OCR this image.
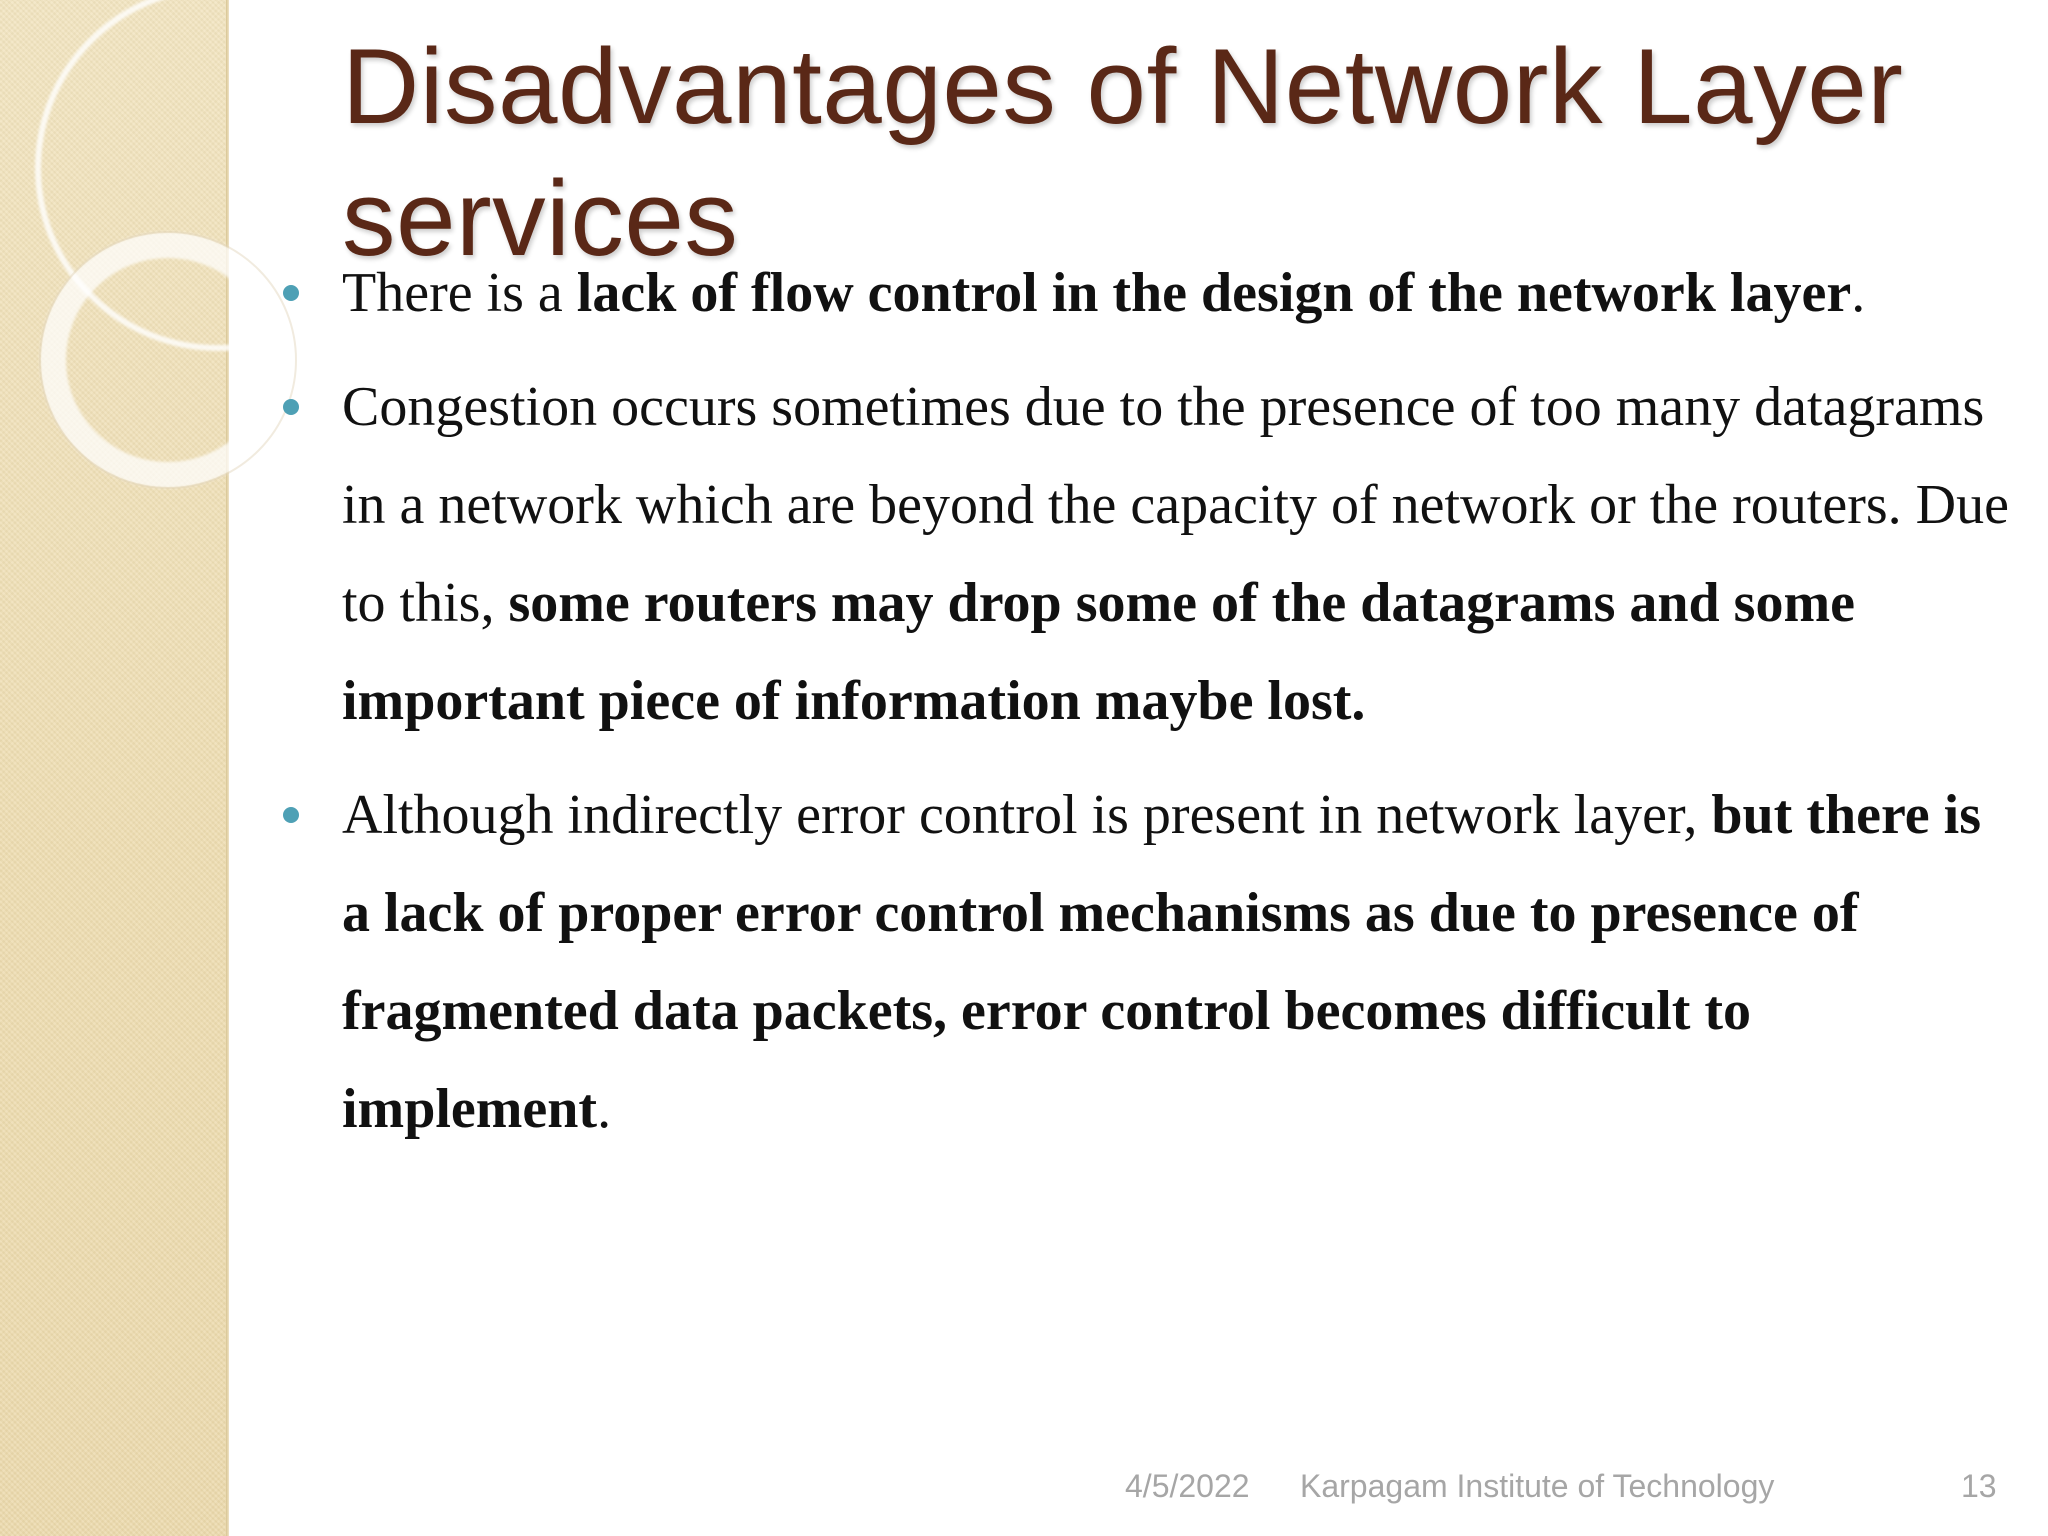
Disadvantages of Network Layer services
There is a lack of flow control in the design of the network layer.
Congestion occurs sometimes due to the presence of too many datagrams in a network which are beyond the capacity of network or the routers. Due to this, some routers may drop some of the datagrams and some important piece of information maybe lost.
Although indirectly error control is present in network layer, but there is a lack of proper error control mechanisms as due to presence of fragmented data packets, error control becomes difficult to implement.
4/5/2022 Karpagam Institute of Technology	13
